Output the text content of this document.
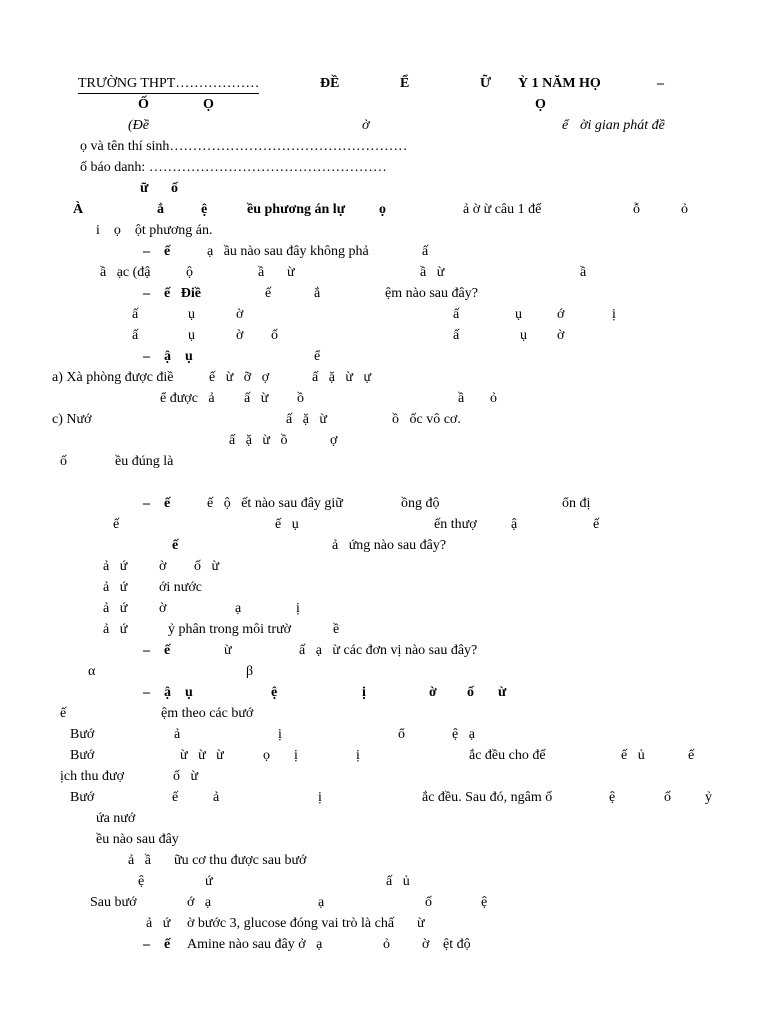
TRƯỜNG THPT………………	ĐỀ	Ể	Ữ Ỳ 1 NĂM HỌ	–
Ố	Ọ	Ọ
(Đề	ờ	ể ời gian phát đề
ọ và tên thí sinh……………………………………………
ố báo danh: ……………………………………………
ữ ố
À	ắ	ệ	ều phương án lự ọ	ả ờ ừ câu 1 đế	ỗ	ỏ
i    ọ    ột phương án.
–    ế	ạ   ầu nào sau đây không phả	ấ
ầ   ạc (đậ	ộ	ầ ừ	ầ   ừ	ầ
–    ế   Điề	ế	ắ	ệm nào sau đây?
ấ	ụ	ờ	ấ	ụ	ớ	ị
ấ	ụ	ờ ố	ấ	ụ ờ
–    ậ    ụ	ể
a) Xà phòng được điề	ế   ừ   ỡ   ợ	ấ   ặ   ừ   ự
ể được   ả ấ   ừ ồ	ầ ỏ
c) Nướ	ấ   ặ   ừ	ồ   ốc vô cơ.
ấ   ặ   ừ   ồ	ợ
ố	ều đúng là
–    ế	ế   ộ   ết nào sau đây giữ	ồng độ	ổn đị
ế	ế   ụ	ến thượ ậ	ế
ế	ả   ứng nào sau đây?
ả   ứ ờ ố   ừ
ả   ứ ới nước
ả   ứ ờ	ạ	ị
ả   ứ	ỷ phân trong môi trườ	ề
–    ế	ừ	ấ   ạ   ừ các đơn vị nào sau đây?
α	β
–    ậ    ụ	ệ	ị	ờ ố ừ
ế	ệm theo các bướ
Bướ	ả	ị	ổ	ệ   ạ
Bướ	ừ   ừ   ừ	ọ ị	ị	ắc đều cho đế	ế   ủ	ế
ịch thu đượ	ố   ừ
Bướ	ế ả	ị	ắc đều. Sau đó, ngâm ố	ệ	ố ỷ
ứa nướ
ều nào sau đây
ả   ầ ữu cơ thu được sau bướ
ệ	ứ	ấ   ủ
Sau bướ	ớ   ạ	ạ	ố	ệ
ả   ứ ờ bước 3, glucose đóng vai trò là chấ ừ
–    ế Amine nào sau đây ở   ạ	ỏ ờ ệt độ
